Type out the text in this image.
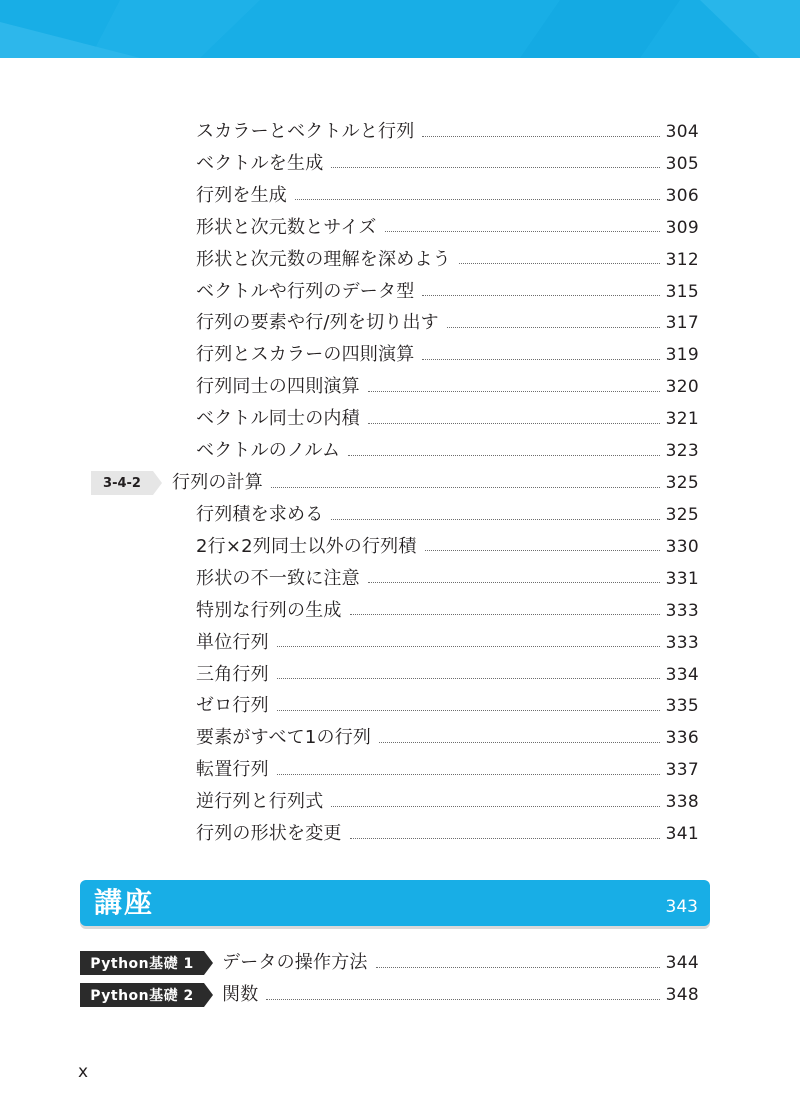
スカラーとベクトルと行列	304
ベクトルを生成	305
行列を生成	306
形状と次元数とサイズ	309
形状と次元数の理解を深めよう	312
ベクトルや行列のデータ型	315
行列の要素や行/列を切り出す	317
行列とスカラーの四則演算	319
行列同士の四則演算	320
ベクトル同士の内積	321
ベクトルのノルム	323
3-4-2	行列の計算	325
行列積を求める	325
2行×2列同士以外の行列積	330
形状の不一致に注意	331
特別な行列の生成	333
単位行列	333
三角行列	334
ゼロ行列	335
要素がすべて1の行列	336
転置行列	337
逆行列と行列式	338
行列の形状を変更	341
講座	343
Python基礎 1	データの操作方法	344
Python基礎 2	関数	348
x
